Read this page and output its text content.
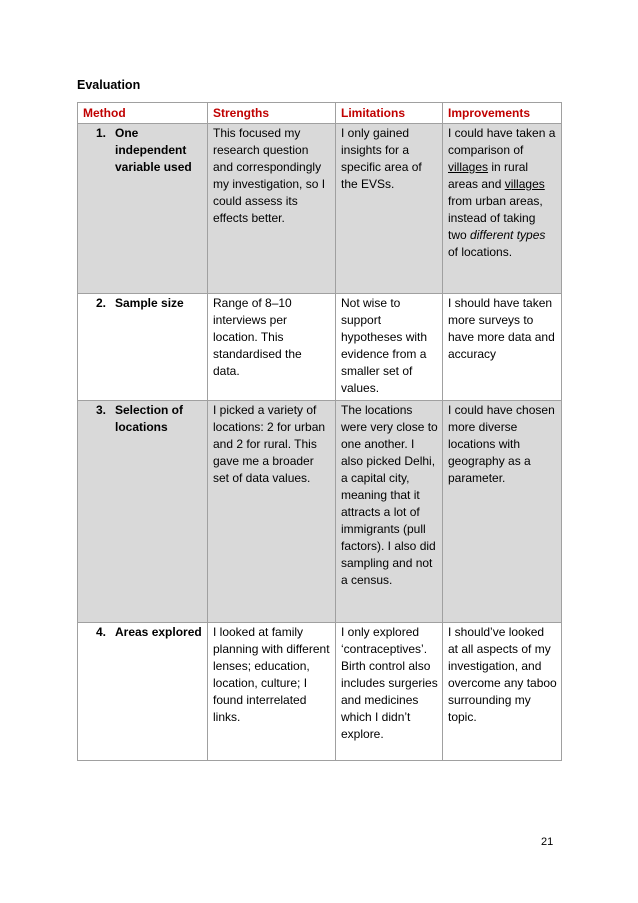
Evaluation
Method	Strengths	Limitations	Improvements

1. One independent variable used	This focused my research question and correspondingly my investigation, so I could assess its effects better.	I only gained insights for a specific area of the EVSs.	I could have taken a comparison of villages in rural areas and villages from urban areas, instead of taking two different types of locations.

2. Sample size	Range of 8–10 interviews per location. This standardised the data.	Not wise to support hypotheses with evidence from a smaller set of values.	I should have taken more surveys to have more data and accuracy

3. Selection of locations	I picked a variety of locations: 2 for urban and 2 for rural. This gave me a broader set of data values.	The locations were very close to one another. I also picked Delhi, a capital city, meaning that it attracts a lot of immigrants (pull factors). I also did sampling and not a census.	I could have chosen more diverse locations with geography as a parameter.

4. Areas explored	I looked at family planning with different lenses; education, location, culture; I found interrelated links.	I only explored ‘contraceptives’. Birth control also includes surgeries and medicines which I didn’t explore.	I should’ve looked at all aspects of my investigation, and overcome any taboo surrounding my topic.
21
